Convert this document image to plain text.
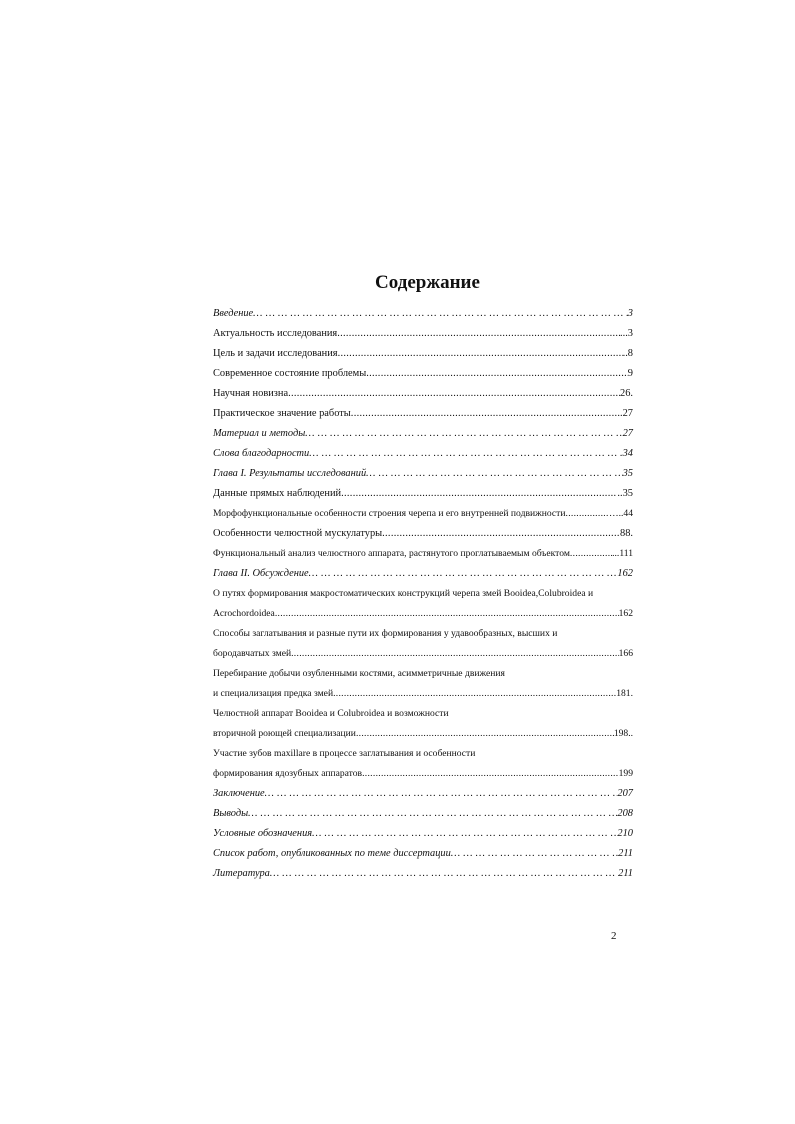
Содержание
Введение … … … … … … … … … … … … … … … … … … … … … … … … … … … … … … … … … … … … … … … … … … … … …	3
Актуальность исследования .....	...3
Цель и задачи исследования .....	..8
Современное состояние проблемы .....	9
Научная новизна .....	26.
Практическое значение работы .....	..27
Материал и методы … … … … … … … … … … … … … … … … … … … … … … … … … … … … … … … … … … … … … … … … … … … … …	27
Слова благодарности … … … … … … … … … … … … … … … … … … … … … … … … … … … … … … … … … … … … … … … … … … … … …	34
Глава I. Результаты исследований … … … … … … … … … … … … … … … … … … … … … … … … … … … … … … … … … … … … … … … … … … … … …	35
Данные прямых наблюдений .....	..35
Морфофункциональные особенности строения черепа и его внутренней подвижности .....	…..44
Особенности челюстной мускулатуры .....	88.
Функциональный анализ челюстного аппарата, растянутого проглатываемым объектом .....	...111
Глава II. Обсуждение … … … … … … … … … … … … … … … … … … … … … … … … … … … … … … … … … … … … … … … … … … … … …	162
О путях формирования макростоматических конструкций черепа змей Booidea,Colubroidea и
Acrochordoidea .....	162
Способы заглатывания и разные пути их формирования у удавообразных, высших и
бородавчатых змей .....	166
Перебирание добычи озубленными костями, асимметричные движения
и специализация предка змей .....	181.
Челюстной аппарат Booidea и Colubroidea и возможности
вторичной роющей специализации .....	198..
Участие зубов maxillare в процессе заглатывания и особенности
формирования ядозубных аппаратов .....	199
Заключение … … … … … … … … … … … … … … … … … … … … … … … … … … … … … … … … … … … … … … … … … … … … …	207
Выводы … … … … … … … … … … … … … … … … … … … … … … … … … … … … … … … … … … … … … … … … … … … … …	208
Условные обозначения … … … … … … … … … … … … … … … … … … … … … … … … … … … … … … … … … … … … … … … … … … … … …	210
Список работ, опубликованных по теме диссертации … … … … … … … … … … … … … … … … … … … … … … … … … … … … … … … … … … … … … … … … … … … … …	211
Литература … … … … … … … … … … … … … … … … … … … … … … … … … … … … … … … … … … … … … … … … … … … … …	211
2
